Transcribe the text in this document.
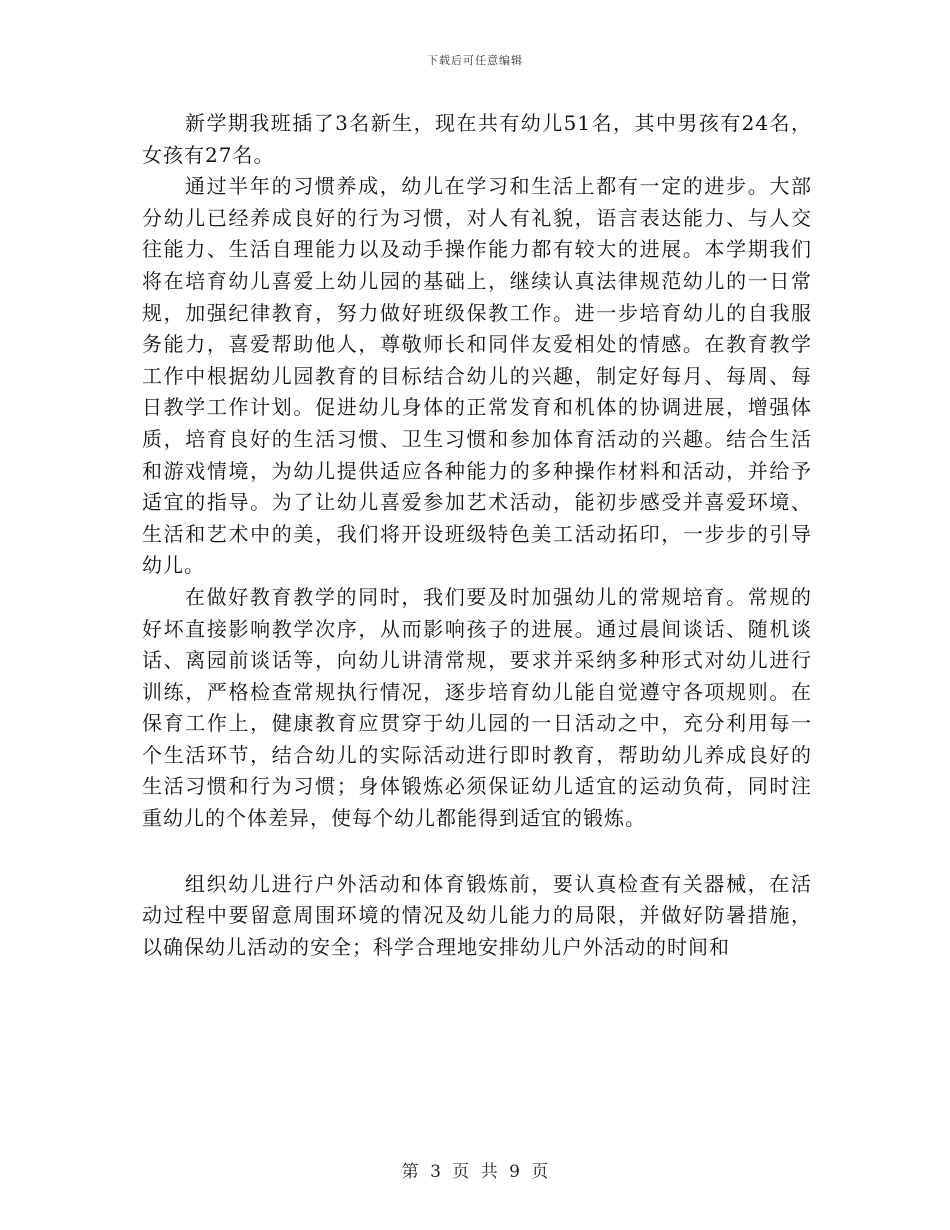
下载后可任意编辑

新学期我班插了3名新生，现在共有幼儿51名，其中男孩有24名，女孩有27名。

通过半年的习惯养成，幼儿在学习和生活上都有一定的进步。大部分幼儿已经养成良好的行为习惯，对人有礼貌，语言表达能力、与人交往能力、生活自理能力以及动手操作能力都有较大的进展。本学期我们将在培育幼儿喜爱上幼儿园的基础上，继续认真法律规范幼儿的一日常规，加强纪律教育，努力做好班级保教工作。进一步培育幼儿的自我服务能力，喜爱帮助他人，尊敬师长和同伴友爱相处的情感。在教育教学工作中根据幼儿园教育的目标结合幼儿的兴趣，制定好每月、每周、每日教学工作计划。促进幼儿身体的正常发育和机体的协调进展，增强体质，培育良好的生活习惯、卫生习惯和参加体育活动的兴趣。结合生活和游戏情境，为幼儿提供适应各种能力的多种操作材料和活动，并给予适宜的指导。为了让幼儿喜爱参加艺术活动，能初步感受并喜爱环境、生活和艺术中的美，我们将开设班级特色美工活动拓印，一步步的引导幼儿。

在做好教育教学的同时，我们要及时加强幼儿的常规培育。常规的好坏直接影响教学次序，从而影响孩子的进展。通过晨间谈话、随机谈话、离园前谈话等，向幼儿讲清常规，要求并采纳多种形式对幼儿进行训练，严格检查常规执行情况，逐步培育幼儿能自觉遵守各项规则。在保育工作上，健康教育应贯穿于幼儿园的一日活动之中，充分利用每一个生活环节，结合幼儿的实际活动进行即时教育，帮助幼儿养成良好的生活习惯和行为习惯；身体锻炼必须保证幼儿适宜的运动负荷，同时注重幼儿的个体差异，使每个幼儿都能得到适宜的锻炼。

组织幼儿进行户外活动和体育锻炼前，要认真检查有关器械，在活动过程中要留意周围环境的情况及幼儿能力的局限，并做好防暑措施，以确保幼儿活动的安全；科学合理地安排幼儿户外活动的时间和

第 3 页 共 9 页
